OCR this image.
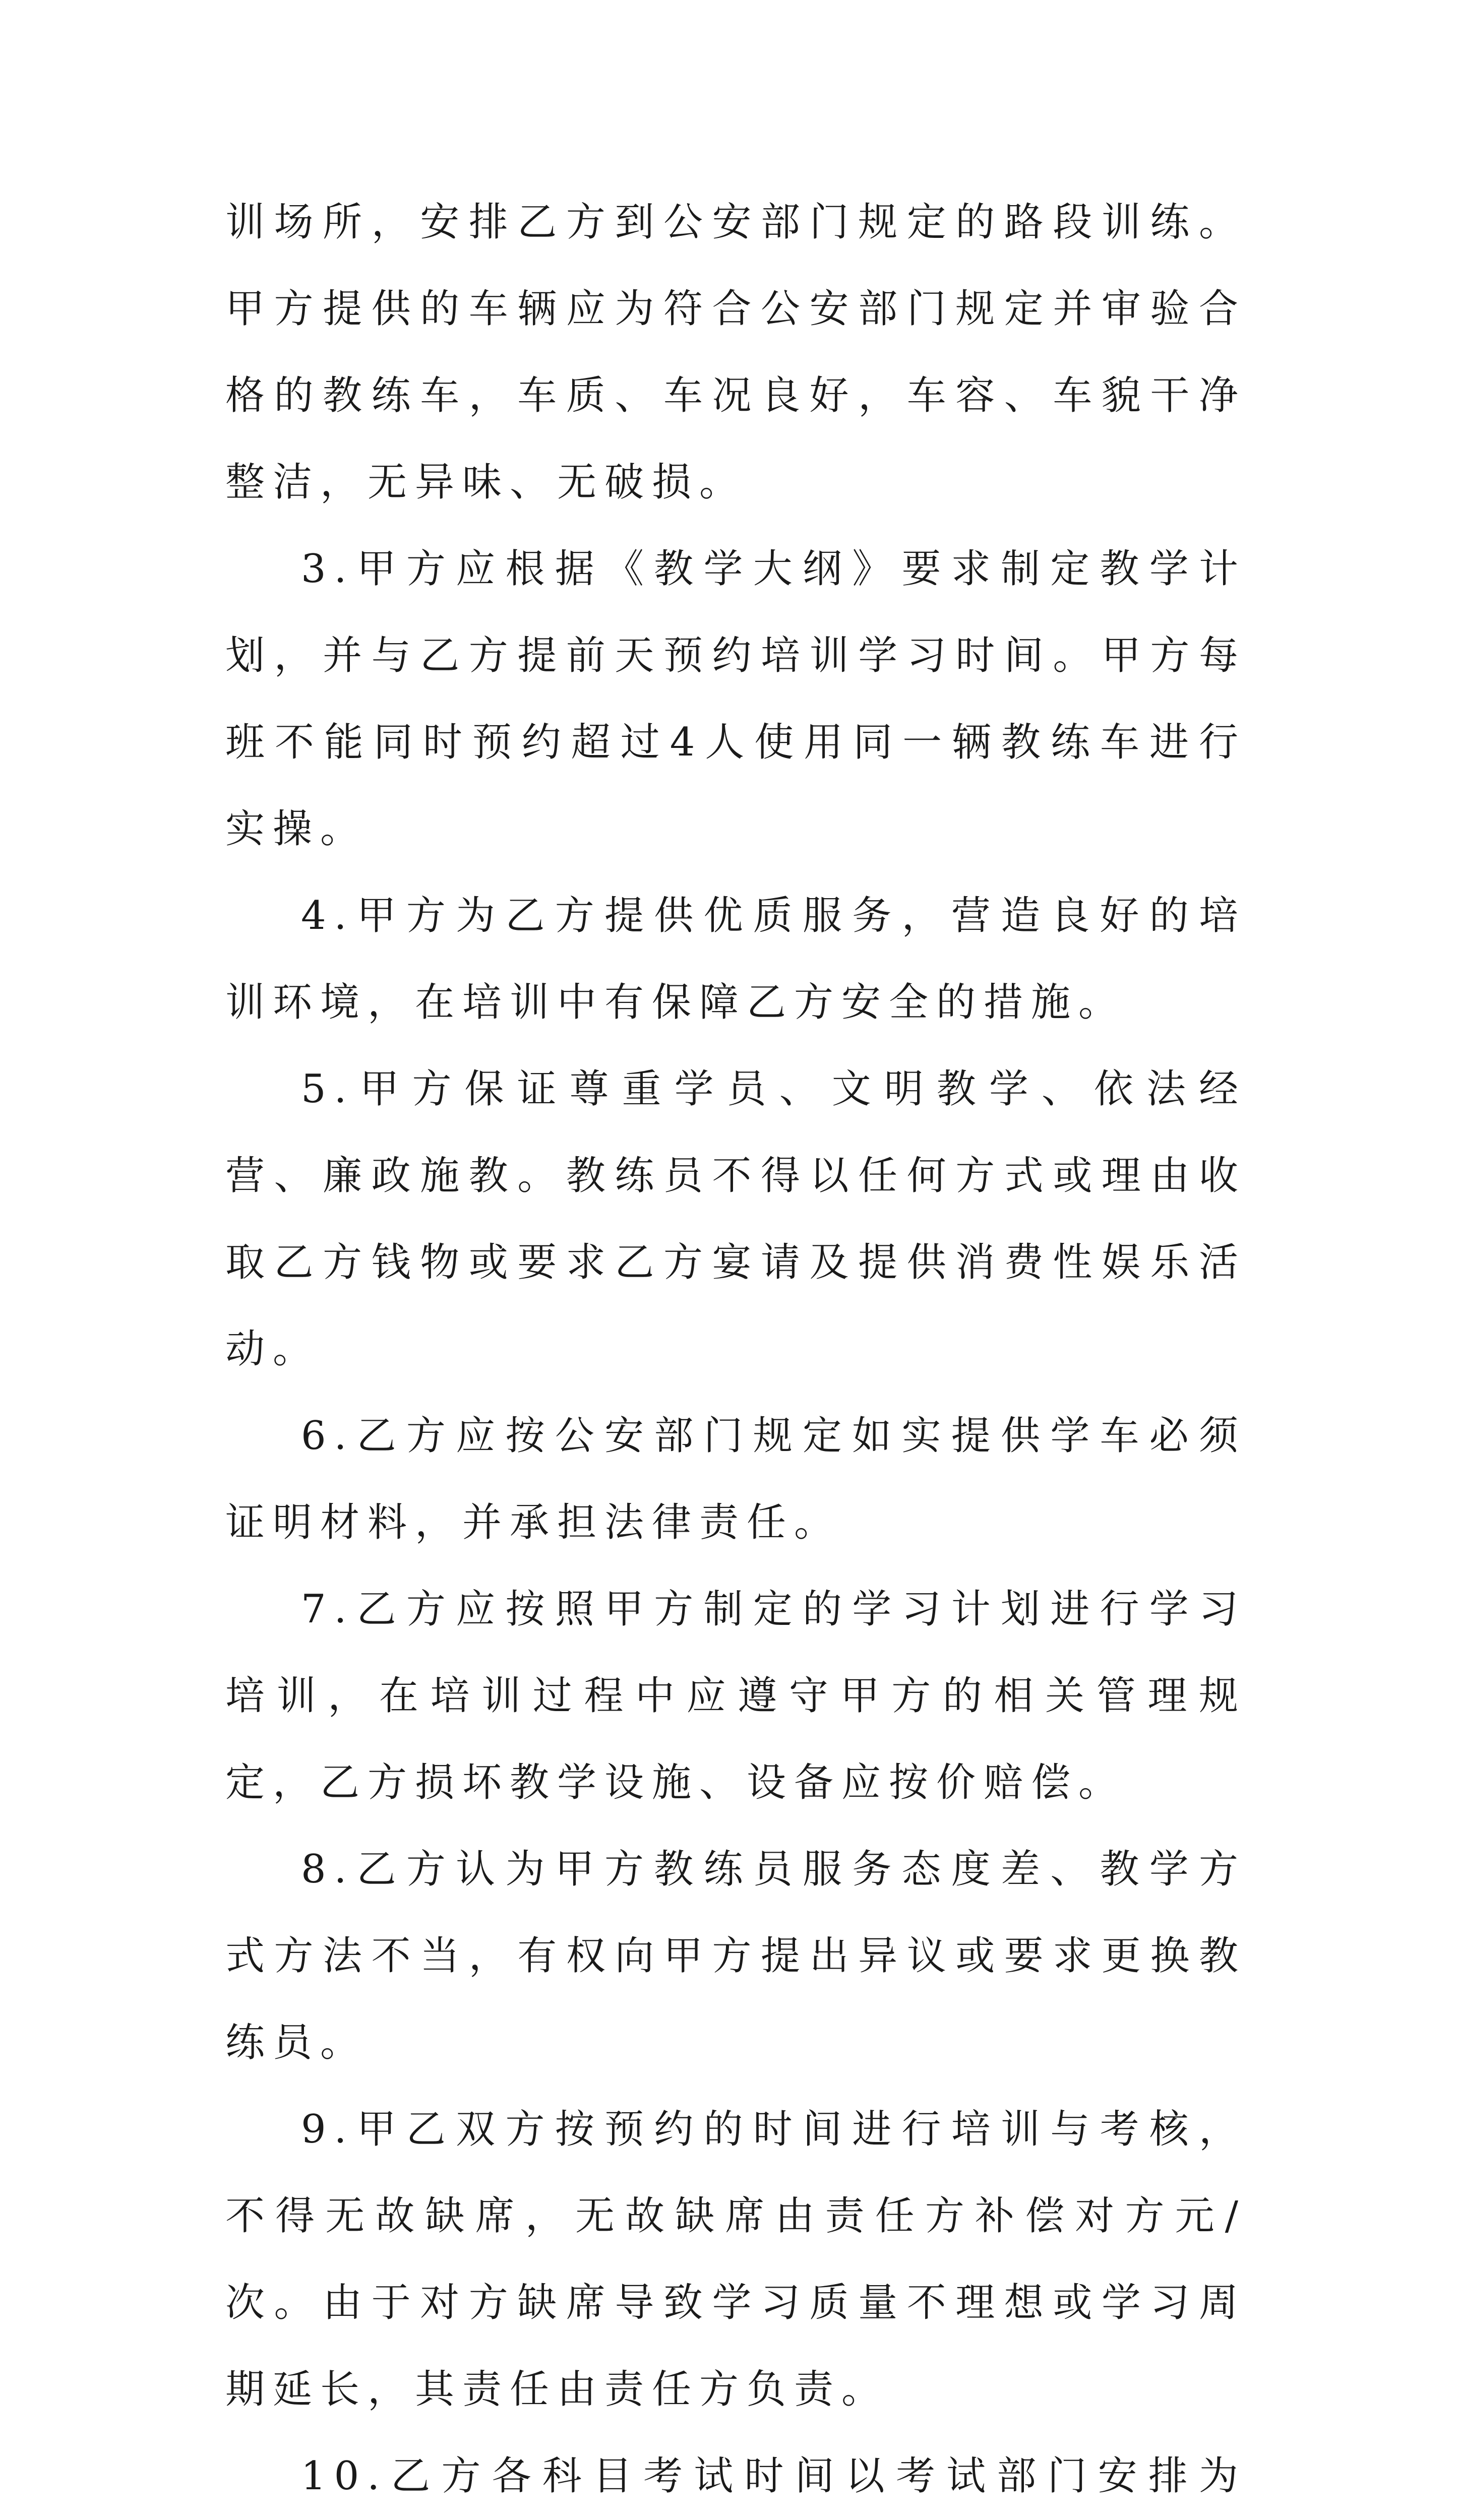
训场所，安排乙方到公安部门规定的路段训练。甲方提供的车辆应为符合公安部门规定并审验合格的教练车，车质、车况良好，车容、车貌干净整洁，无异味、无破损。

3.甲方应根据《教学大纲》要求制定教学计划，并与乙方提前天预约培训学习时间。甲方每班不能同时预约超过4人使用同一辆教练车进行实操。

4.甲方为乙方提供优质服务，营造良好的培训环境，在培训中有保障乙方安全的措施。

5.甲方保证尊重学员、文明教学、依法经营、廉政施教。教练员不得以任何方式或理由收取乙方钱物或要求乙方宴请及提供消费性娱乐活动。

6.乙方应按公安部门规定如实提供学车必须证明材料，并承担法律责任。

7.乙方应按照甲方制定的学习计划进行学习培训，在培训过程中应遵守甲方的相关管理规定，乙方损坏教学设施、设备应按价赔偿。

8.乙方认为甲方教练员服务态度差、教学方式方法不当，有权向甲方提出异议或要求更换教练员。

9.甲乙双方按预约的时间进行培训与考核，不得无故缺席，无故缺席由责任方补偿对方元/次。由于对方缺席导致学习质量不理想或学习周期延长，其责任由责任方负责。

10.乙方各科目考试时间以考试部门安排为
